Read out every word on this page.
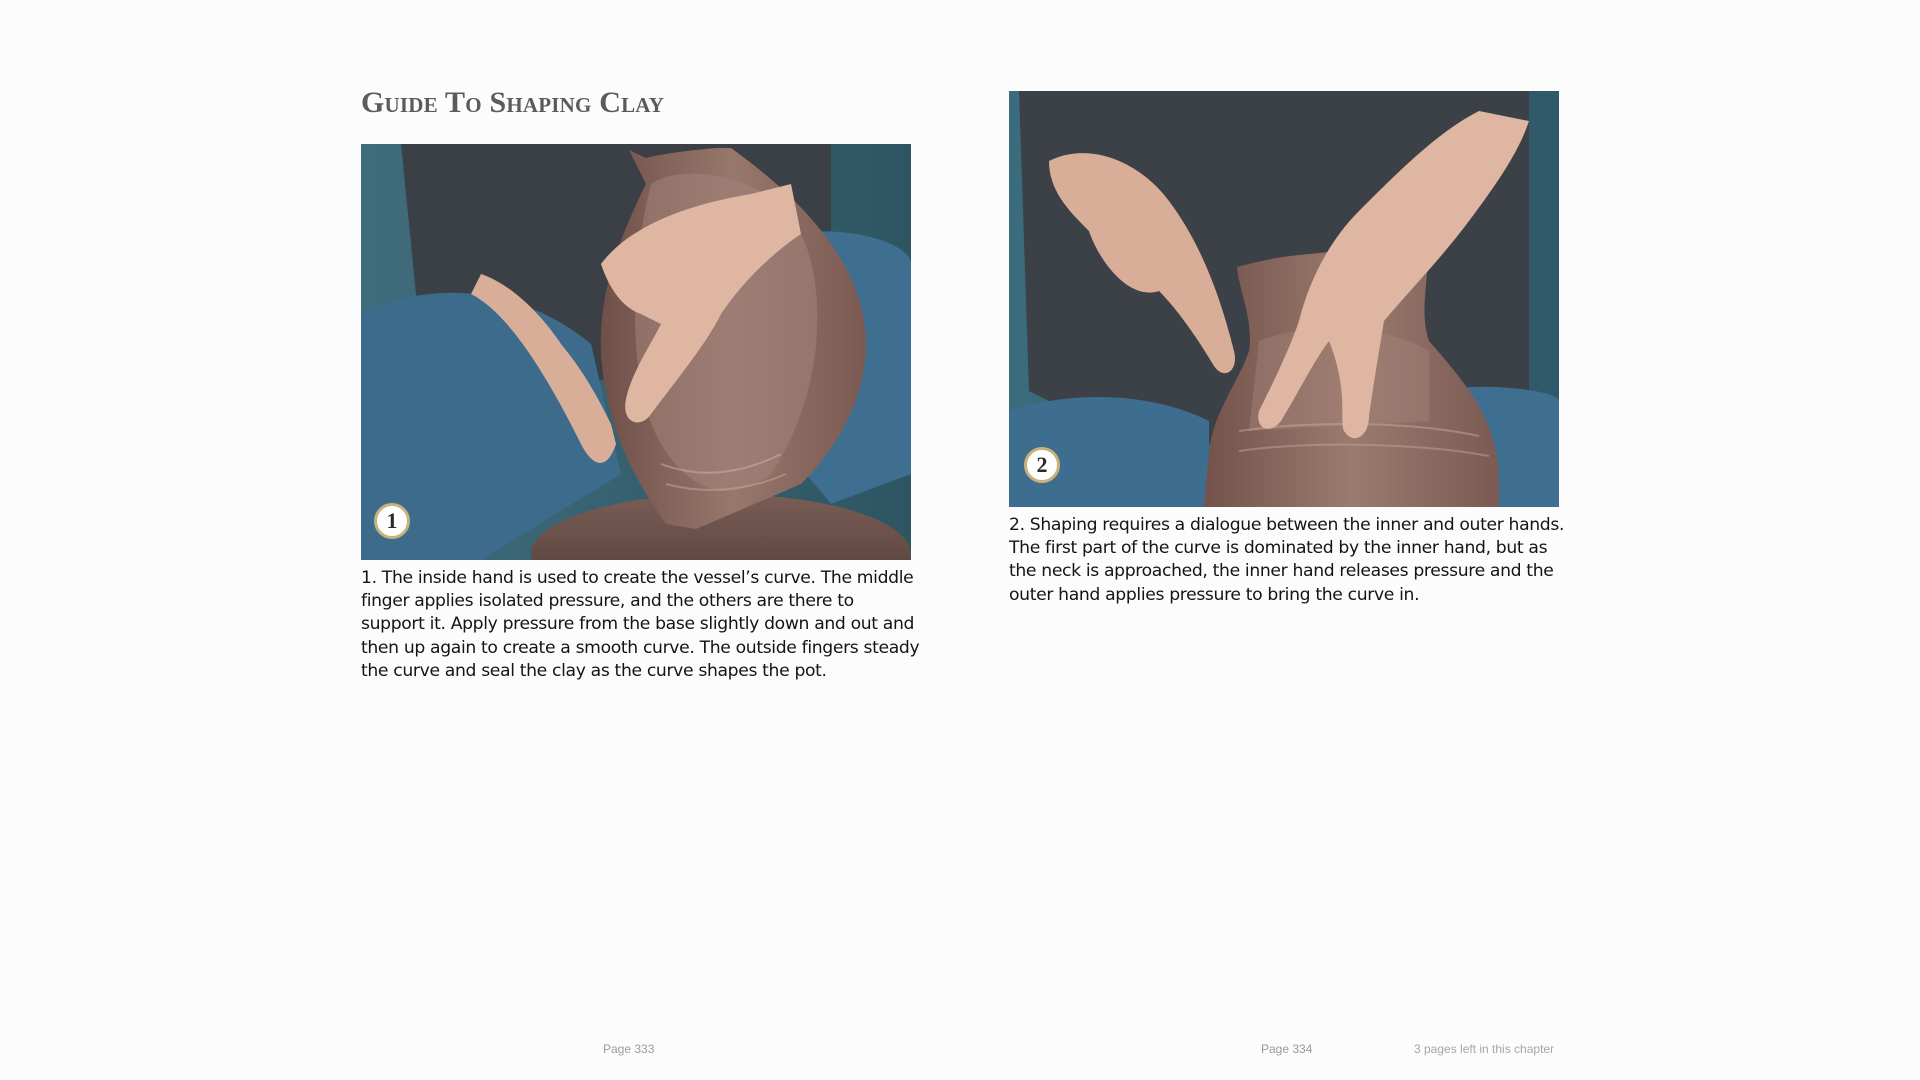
Guide To Shaping Clay
1

1. The inside hand is used to create the vessel’s curve. The middle finger applies isolated pressure, and the others are there to support it. Apply pressure from the base slightly down and out and then up again to create a smooth curve. The outside fingers steady the curve and seal the clay as the curve shapes the pot.

Page 333
2

2. Shaping requires a dialogue between the inner and outer hands. The first part of the curve is dominated by the inner hand, but as the neck is approached, the inner hand releases pressure and the outer hand applies pressure to bring the curve in.

Page 334	3 pages left in this chapter
